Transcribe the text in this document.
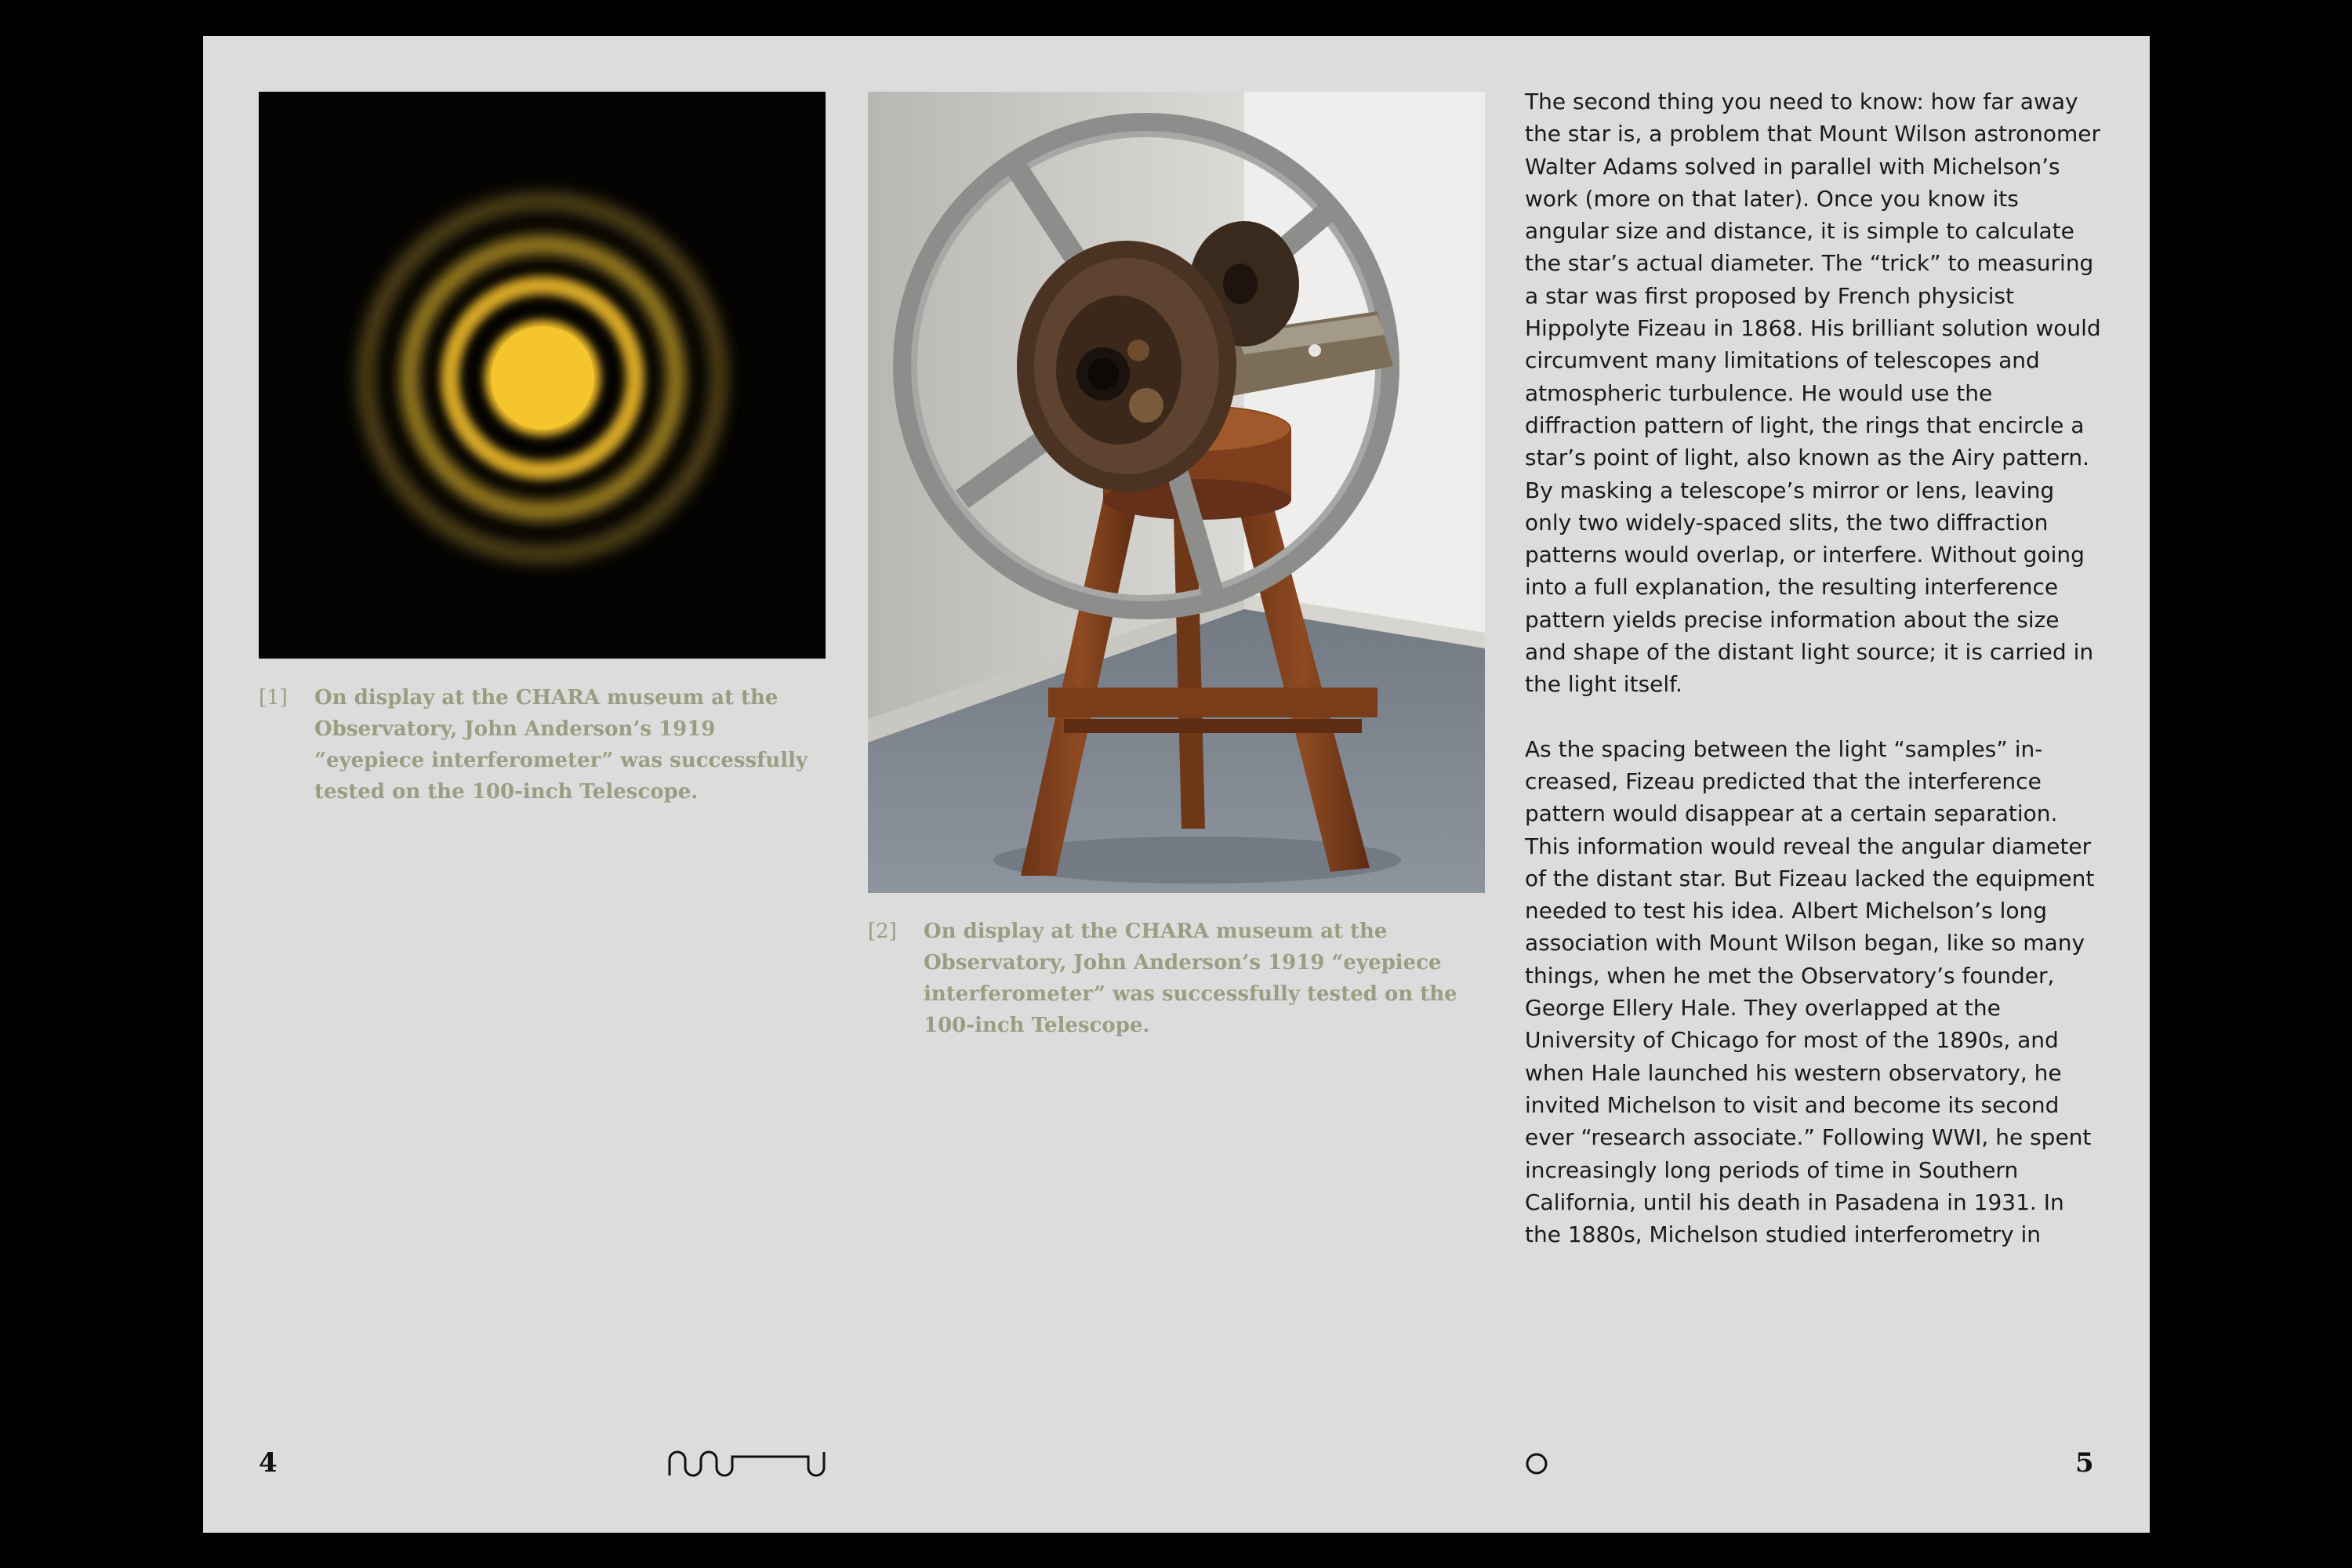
[1] On display at the CHARA museum at the Observatory, John Anderson’s 1919 “eyepiece interferometer” was successfully tested on the 100-inch Telescope.
[2] On display at the CHARA museum at the Observatory, John Anderson’s 1919 “eyepiece interferometer” was successfully tested on the 100-inch Telescope.

The second thing you need to know: how far away the star is, a problem that Mount Wilson astronomer Walter Adams solved in parallel with Michelson’s work (more on that later). Once you know its angular size and distance, it is simple to calculate the star’s actual diameter. The “trick” to measuring a star was first proposed by French physicist Hippolyte Fizeau in 1868. His brilliant solution would circumvent many limitations of telescopes and atmospheric turbulence. He would use the diffraction pattern of light, the rings that encircle a star’s point of light, also known as the Airy pattern. By masking a telescope’s mirror or lens, leaving only two widely-spaced slits, the two diffraction patterns would overlap, or interfere. Without going into a full explanation, the resulting interference pattern yields precise information about the size and shape of the distant light source; it is carried in the light itself.

As the spacing between the light “samples” increased, Fizeau predicted that the interference pattern would disappear at a certain separation. This information would reveal the angular diameter of the distant star. But Fizeau lacked the equipment needed to test his idea. Albert Michelson’s long association with Mount Wilson began, like so many things, when he met the Observatory’s founder, George Ellery Hale. They overlapped at the University of Chicago for most of the 1890s, and when Hale launched his western observatory, he invited Michelson to visit and become its second ever “research associate.” Following WWI, he spent increasingly long periods of time in Southern California, until his death in Pasadena in 1931. In the 1880s, Michelson studied interferometry in

4	5
